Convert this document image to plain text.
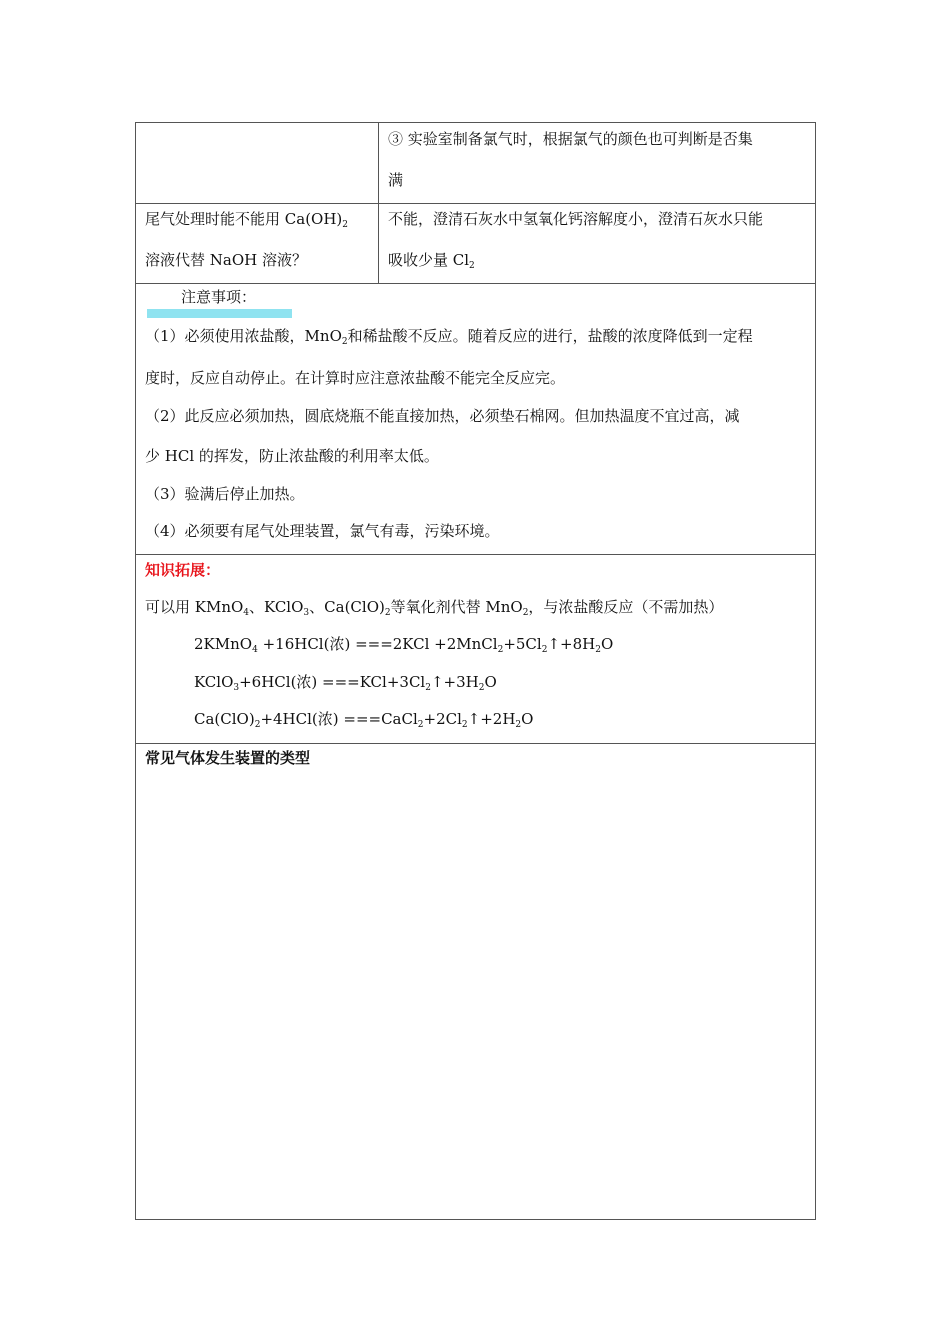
③ 实验室制备氯气时，根据氯气的颜色也可判断是否集
满
尾气处理时能不能用 $Ca(OH)_2$
溶液代替 NaOH 溶液？
不能，澄清石灰水中氢氧化钙溶解度小，澄清石灰水只能
吸收少量 $Cl_2$
注意事项：
（1）必须使用浓盐酸，MnO$_2$和稀盐酸不反应。随着反应的进行，盐酸的浓度降低到一定程
度时，反应自动停止。在计算时应注意浓盐酸不能完全反应完。
（2）此反应必须加热，圆底烧瓶不能直接加热，必须垫石棉网。但加热温度不宜过高，减
少 HCl 的挥发，防止浓盐酸的利用率太低。
（3）验满后停止加热。
（4）必须要有尾气处理装置，氯气有毒，污染环境。
知识拓展：
可以用 KMnO$_4$、KClO$_3$、$Ca(ClO)_2$等氧化剂代替 MnO$_2$，与浓盐酸反应（不需加热）
2KMnO$_4$ +16HCl(浓) $===2KCl +2MnCl_2+5Cl_2↑+8H_2O$
KClO$_3$+6HCl(浓) $===KCl+3Cl_2↑+3H_2O$
$Ca(ClO)_2+4HCl$(浓) $===CaCl_2+2Cl_2↑+2H_2O$
常见气体发生装置的类型
